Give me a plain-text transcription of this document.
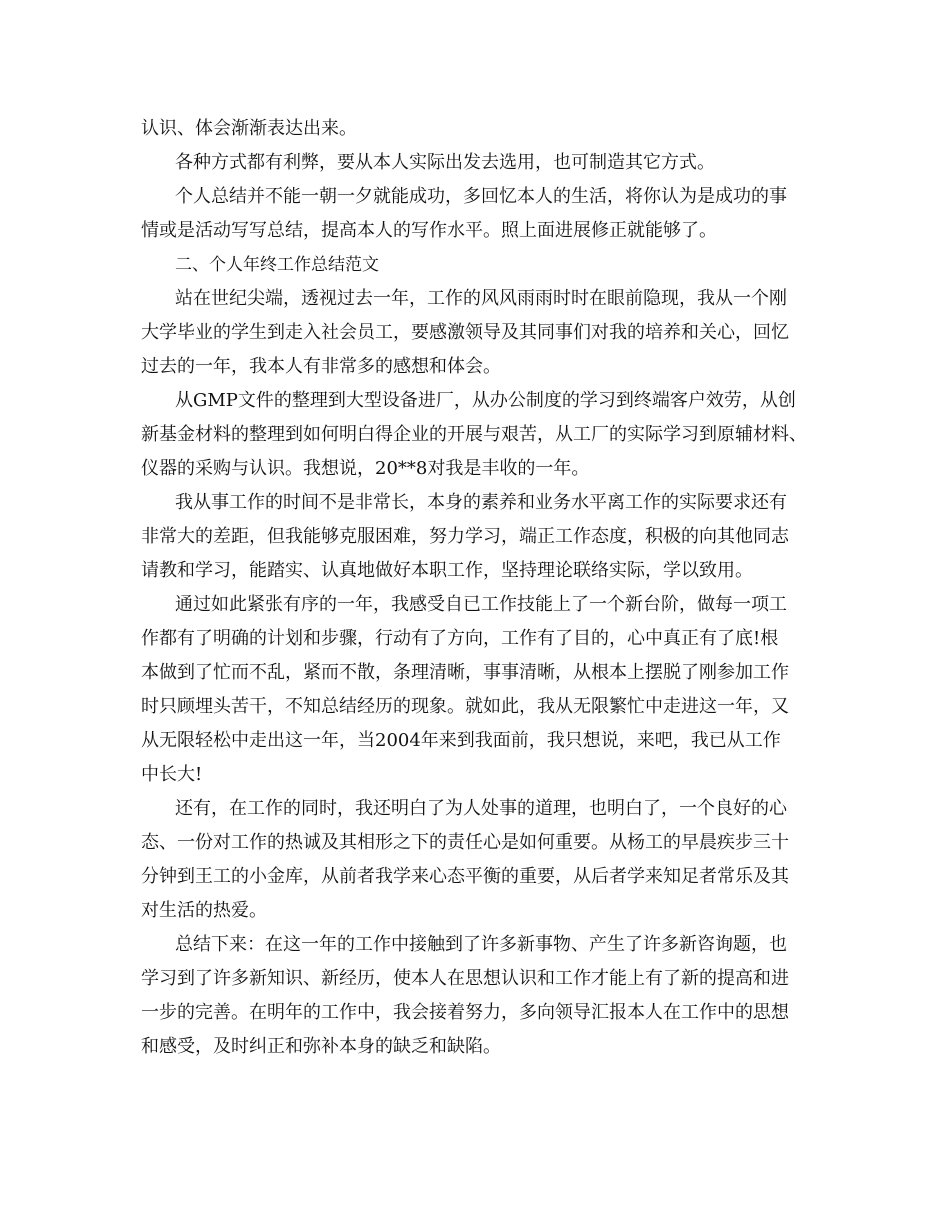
认识、体会渐渐表达出来。
各种方式都有利弊，要从本人实际出发去选用，也可制造其它方式。
个人总结并不能一朝一夕就能成功，多回忆本人的生活，将你认为是成功的事
情或是活动写写总结，提高本人的写作水平。照上面进展修正就能够了。
二、个人年终工作总结范文
站在世纪尖端，透视过去一年，工作的风风雨雨时时在眼前隐现，我从一个刚
大学毕业的学生到走入社会员工，要感激领导及其同事们对我的培养和关心，回忆
过去的一年，我本人有非常多的感想和体会。
从GMP文件的整理到大型设备进厂，从办公制度的学习到终端客户效劳，从创
新基金材料的整理到如何明白得企业的开展与艰苦，从工厂的实际学习到原辅材料、
仪器的采购与认识。我想说，20**8对我是丰收的一年。
我从事工作的时间不是非常长，本身的素养和业务水平离工作的实际要求还有
非常大的差距，但我能够克服困难，努力学习，端正工作态度，积极的向其他同志
请教和学习，能踏实、认真地做好本职工作，坚持理论联络实际，学以致用。
通过如此紧张有序的一年，我感受自已工作技能上了一个新台阶，做每一项工
作都有了明确的计划和步骤，行动有了方向，工作有了目的，心中真正有了底!根
本做到了忙而不乱，紧而不散，条理清晰，事事清晰，从根本上摆脱了刚参加工作
时只顾埋头苦干，不知总结经历的现象。就如此，我从无限繁忙中走进这一年，又
从无限轻松中走出这一年，当2004年来到我面前，我只想说，来吧，我已从工作
中长大!
还有，在工作的同时，我还明白了为人处事的道理，也明白了，一个良好的心
态、一份对工作的热诚及其相形之下的责任心是如何重要。从杨工的早晨疾步三十
分钟到王工的小金库，从前者我学来心态平衡的重要，从后者学来知足者常乐及其
对生活的热爱。
总结下来：在这一年的工作中接触到了许多新事物、产生了许多新咨询题，也
学习到了许多新知识、新经历，使本人在思想认识和工作才能上有了新的提高和进
一步的完善。在明年的工作中，我会接着努力，多向领导汇报本人在工作中的思想
和感受，及时纠正和弥补本身的缺乏和缺陷。
